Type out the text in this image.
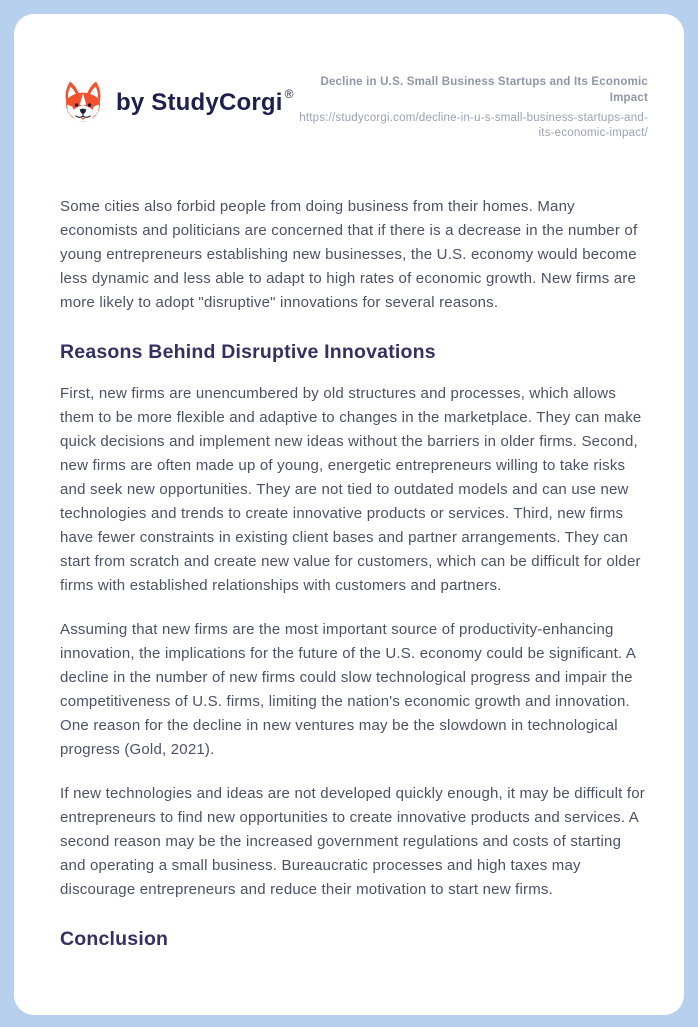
by StudyCorgi ®
Decline in U.S. Small Business Startups and Its Economic Impact
https://studycorgi.com/decline-in-u-s-small-business-startups-and-its-economic-impact/

Some cities also forbid people from doing business from their homes. Many economists and politicians are concerned that if there is a decrease in the number of young entrepreneurs establishing new businesses, the U.S. economy would become less dynamic and less able to adapt to high rates of economic growth. New firms are more likely to adopt "disruptive" innovations for several reasons.

Reasons Behind Disruptive Innovations

First, new firms are unencumbered by old structures and processes, which allows them to be more flexible and adaptive to changes in the marketplace. They can make quick decisions and implement new ideas without the barriers in older firms. Second, new firms are often made up of young, energetic entrepreneurs willing to take risks and seek new opportunities. They are not tied to outdated models and can use new technologies and trends to create innovative products or services. Third, new firms have fewer constraints in existing client bases and partner arrangements. They can start from scratch and create new value for customers, which can be difficult for older firms with established relationships with customers and partners.

Assuming that new firms are the most important source of productivity-enhancing innovation, the implications for the future of the U.S. economy could be significant. A decline in the number of new firms could slow technological progress and impair the competitiveness of U.S. firms, limiting the nation's economic growth and innovation. One reason for the decline in new ventures may be the slowdown in technological progress (Gold, 2021).

If new technologies and ideas are not developed quickly enough, it may be difficult for entrepreneurs to find new opportunities to create innovative products and services. A second reason may be the increased government regulations and costs of starting and operating a small business. Bureaucratic processes and high taxes may discourage entrepreneurs and reduce their motivation to start new firms.

Conclusion
